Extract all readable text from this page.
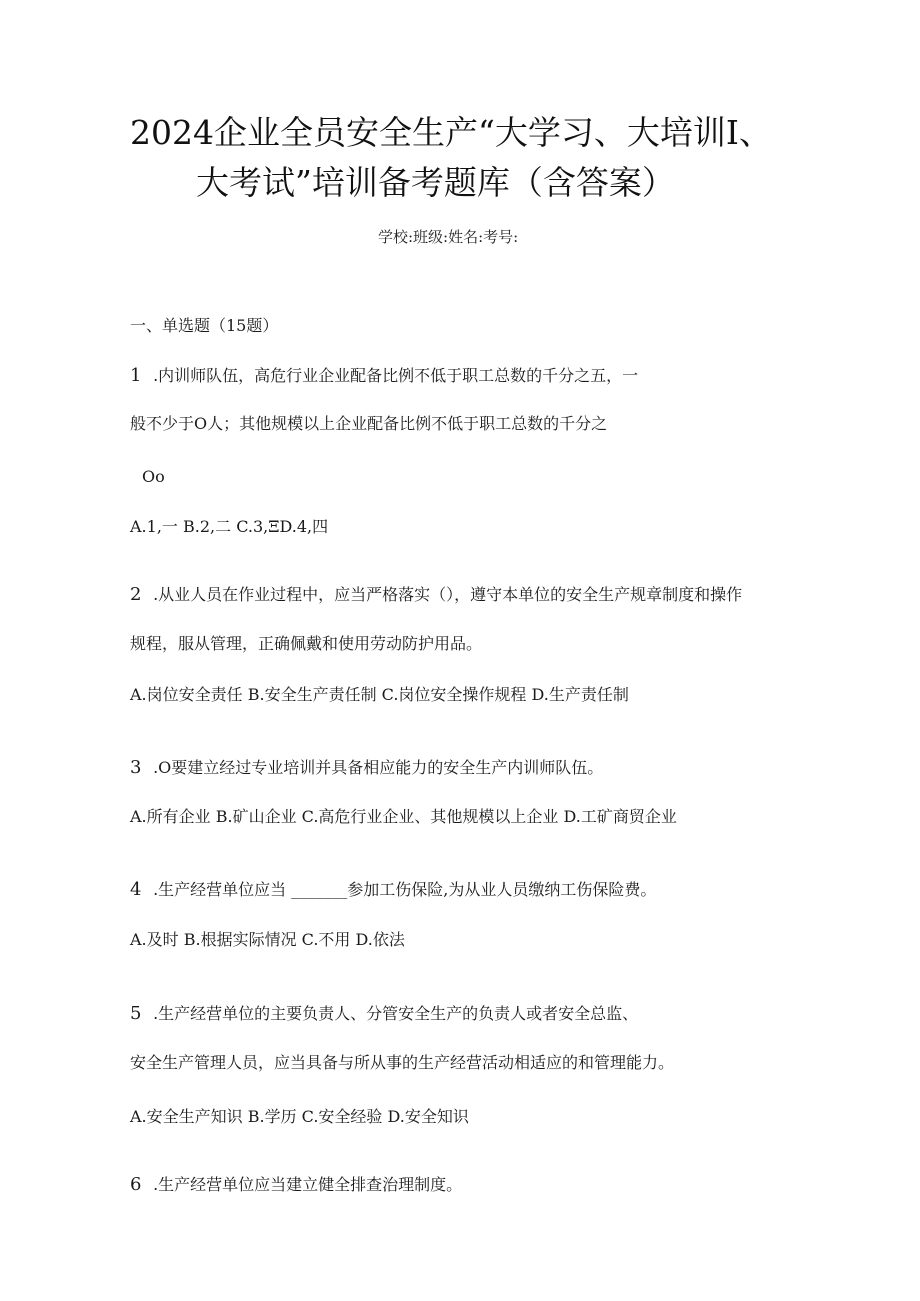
2024企业全员安全生产“大学习、大培训I、
大考试”培训备考题库（含答案）
学校:班级:姓名:考号:
一、单选题（15题）
1 .内训师队伍，高危行业企业配备比例不低于职工总数的千分之五，一
般不少于O人；其他规模以上企业配备比例不低于职工总数的千分之
Oo
A.1,一 B.2,二 C.3,ΞD.4,四
2 .从业人员在作业过程中，应当严格落实（），遵守本单位的安全生产规章制度和操作
规程，服从管理，正确佩戴和使用劳动防护用品。
A.岗位安全责任 B.安全生产责任制 C.岗位安全操作规程 D.生产责任制
3 .O要建立经过专业培训并具备相应能力的安全生产内训师队伍。
A.所有企业 B.矿山企业 C.高危行业企业、其他规模以上企业 D.工矿商贸企业
4 .生产经营单位应当 _______参加工伤保险,为从业人员缴纳工伤保险费。
A.及时 B.根据实际情况 C.不用 D.依法
5 .生产经营单位的主要负责人、分管安全生产的负责人或者安全总监、
安全生产管理人员，应当具备与所从事的生产经营活动相适应的和管理能力。
A.安全生产知识 B.学历 C.安全经验 D.安全知识
6 .生产经营单位应当建立健全排查治理制度。
